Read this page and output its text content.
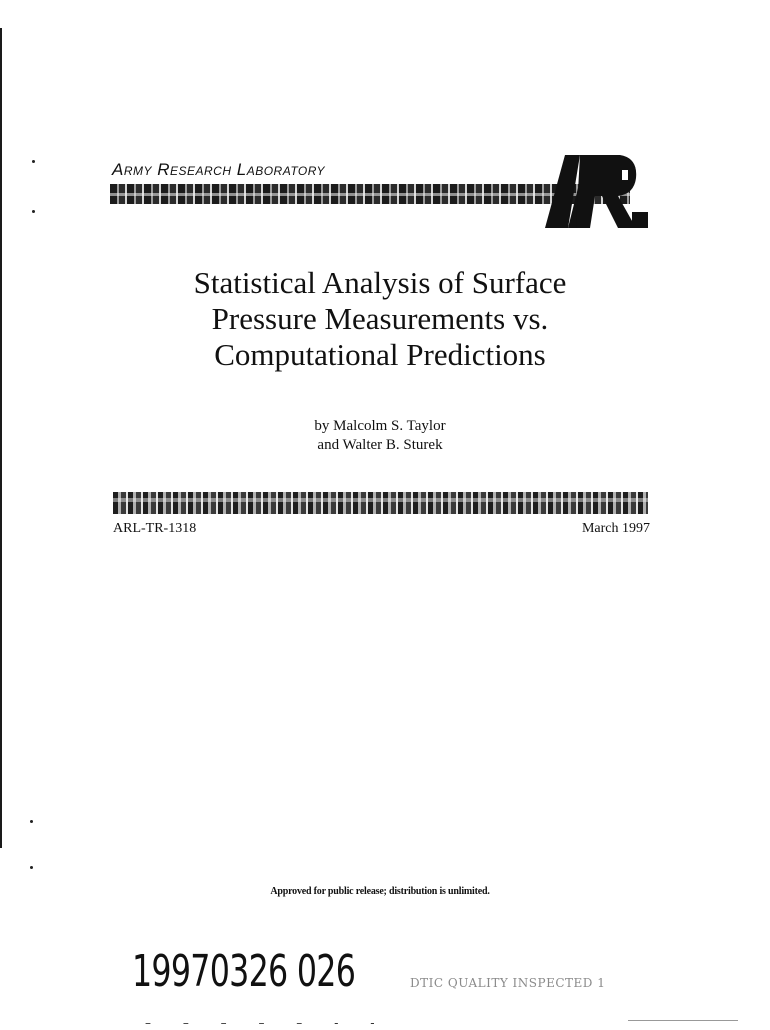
Army Research Laboratory
Statistical Analysis of Surface
Pressure Measurements vs.
Computational Predictions
by Malcolm S. Taylor
and Walter B. Sturek
ARL-TR-1318	March 1997
Approved for public release; distribution is unlimited.
19970326 026	DTIC QUALITY INSPECTED 1
– – – – – - -
